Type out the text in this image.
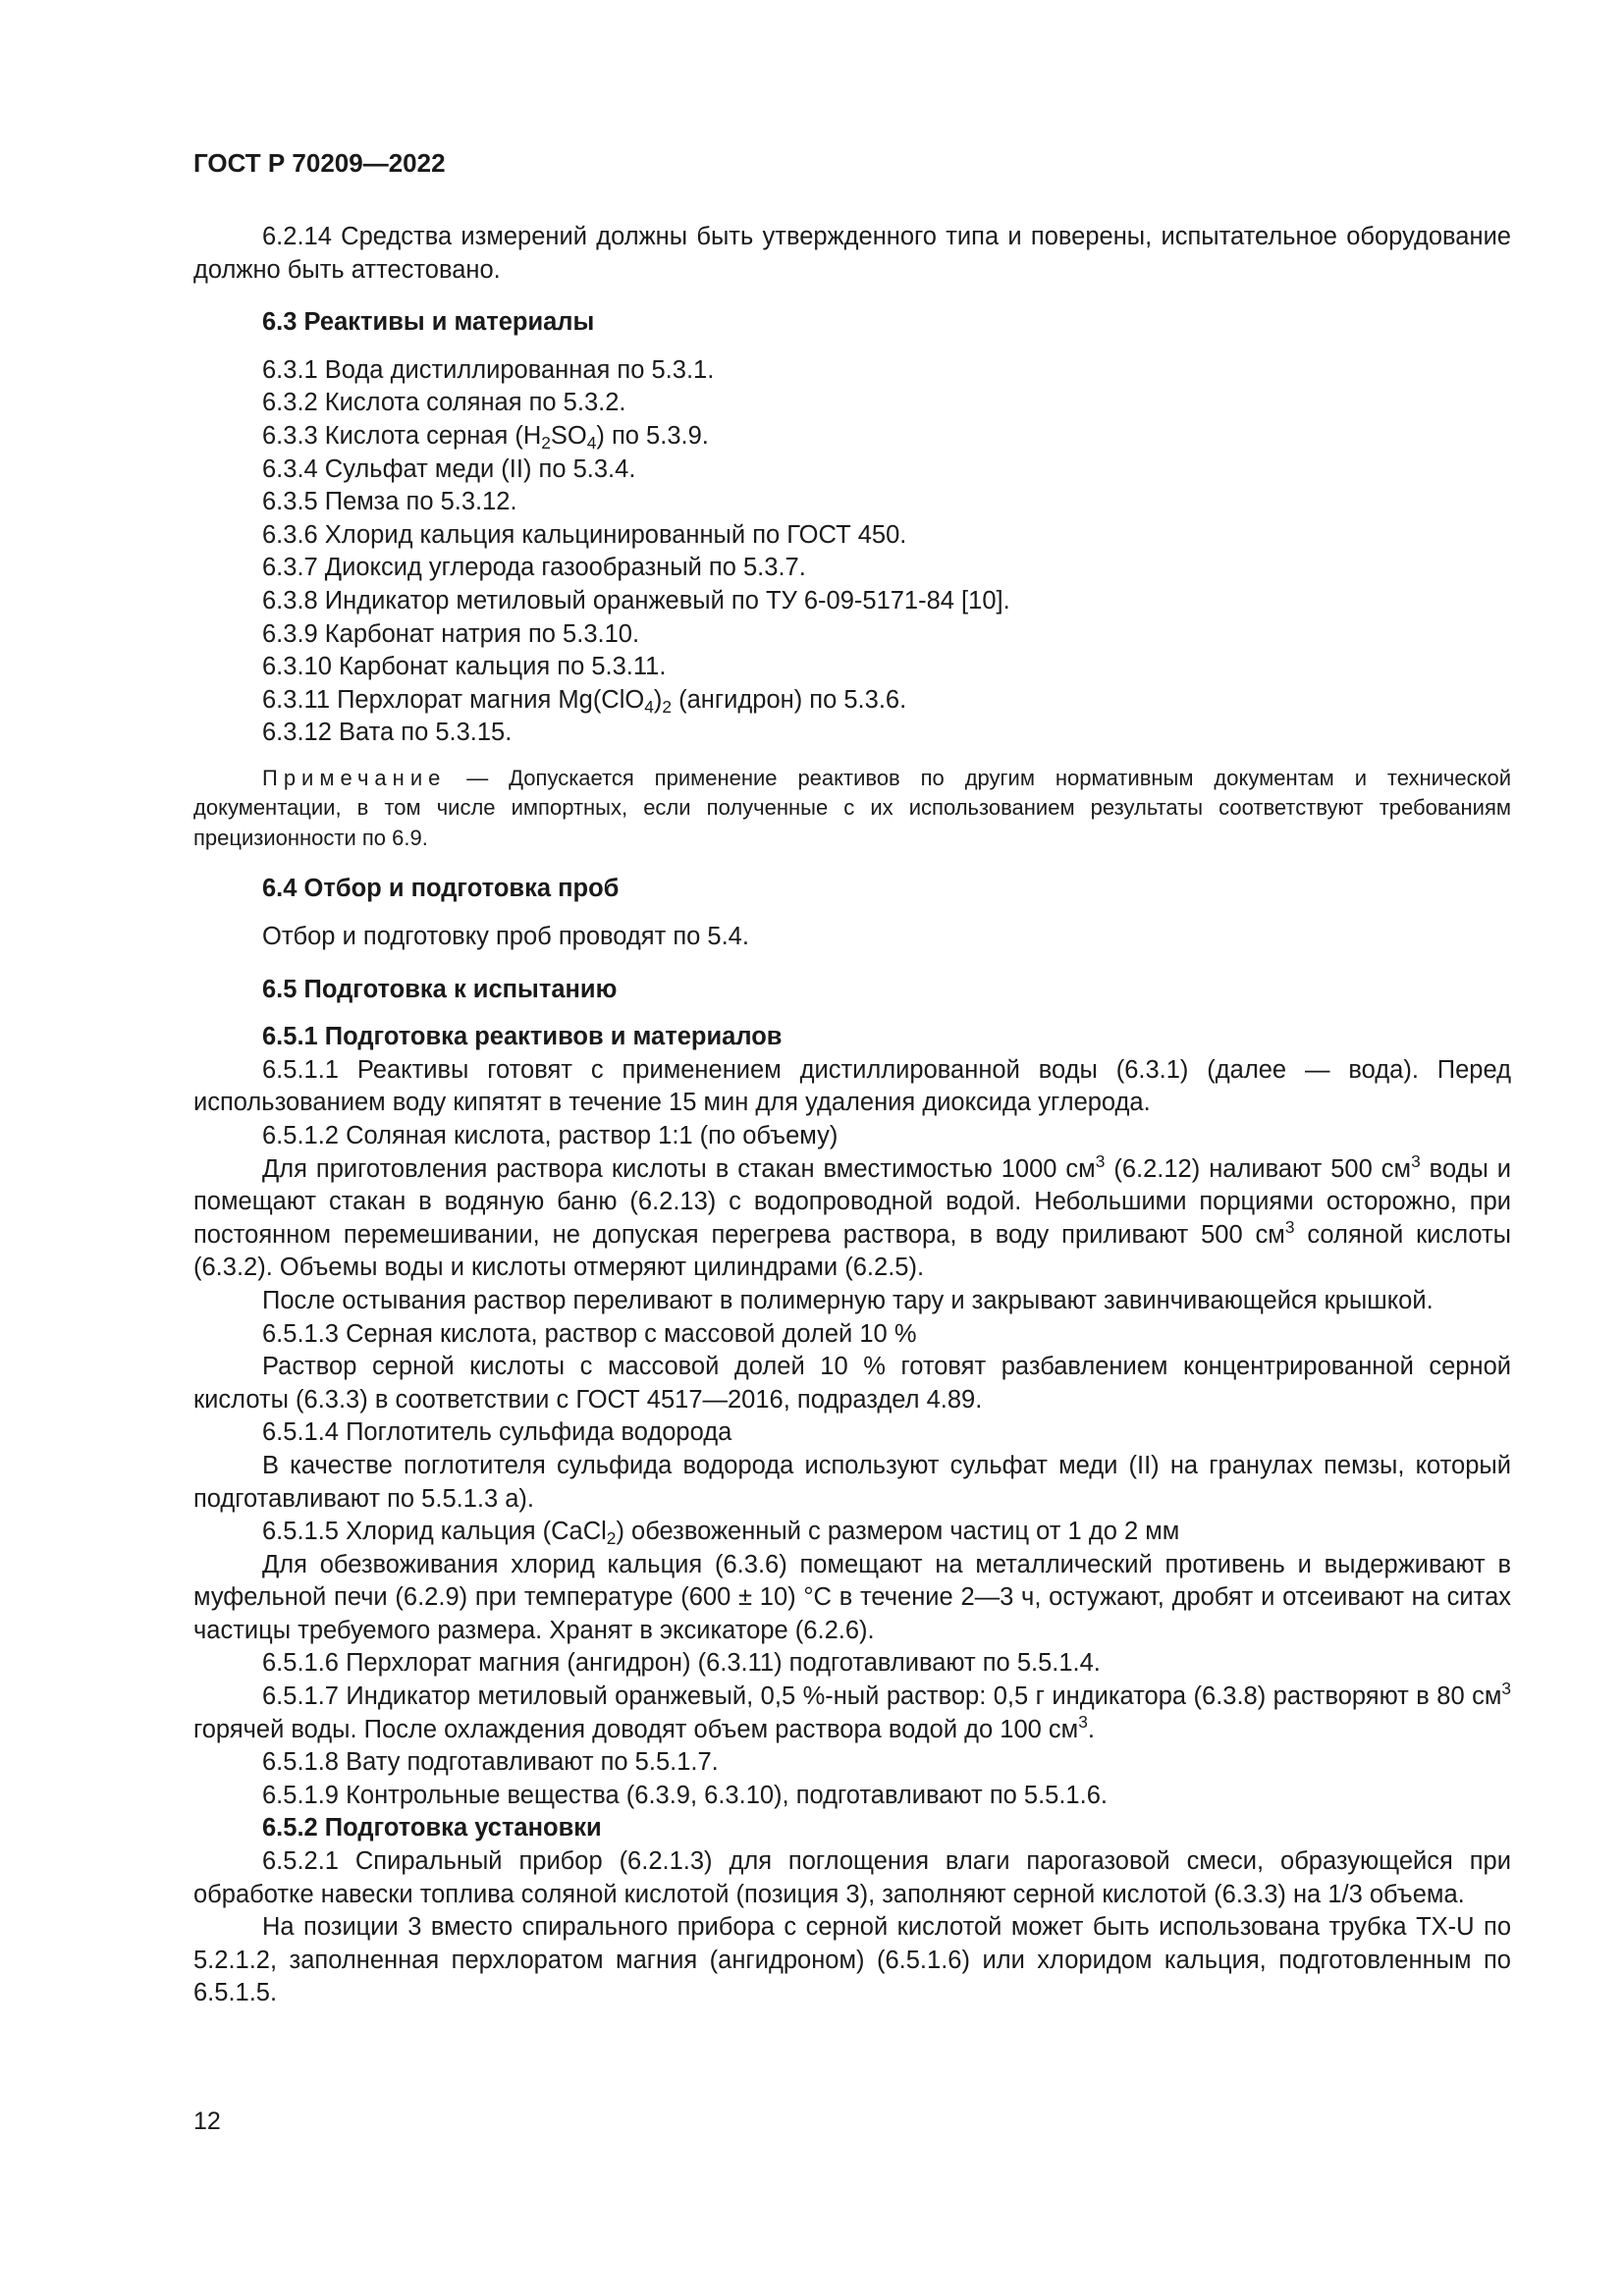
ГОСТ Р 70209—2022

6.2.14 Средства измерений должны быть утвержденного типа и поверены, испытательное оборудование должно быть аттестовано.

6.3 Реактивы и материалы

6.3.1 Вода дистиллированная по 5.3.1.

6.3.2 Кислота соляная по 5.3.2.

6.3.3 Кислота серная $(H_2SO_4)$ по 5.3.9.

6.3.4 Сульфат меди (II) по 5.3.4.

6.3.5 Пемза по 5.3.12.

6.3.6 Хлорид кальция кальцинированный по ГОСТ 450.

6.3.7 Диоксид углерода газообразный по 5.3.7.

6.3.8 Индикатор метиловый оранжевый по ТУ 6-09-5171-84 [10].

6.3.9 Карбонат натрия по 5.3.10.

6.3.10 Карбонат кальция по 5.3.11.

6.3.11 Перхлорат магния $Mg(ClO_4)_2$ (ангидрон) по 5.3.6.

6.3.12 Вата по 5.3.15.

Примечание — Допускается применение реактивов по другим нормативным документам и технической документации, в том числе импортных, если полученные с их использованием результаты соответствуют требованиям прецизионности по 6.9.

6.4 Отбор и подготовка проб

Отбор и подготовку проб проводят по 5.4.

6.5 Подготовка к испытанию

6.5.1 Подготовка реактивов и материалов

6.5.1.1 Реактивы готовят с применением дистиллированной воды (6.3.1) (далее — вода). Перед использованием воду кипятят в течение 15 мин для удаления диоксида углерода.

6.5.1.2 Соляная кислота, раствор 1:1 (по объему)

Для приготовления раствора кислоты в стакан вместимостью 1000 $см^3$ (6.2.12) наливают 500 $см^3$ воды и помещают стакан в водяную баню (6.2.13) с водопроводной водой. Небольшими порциями осторожно, при постоянном перемешивании, не допуская перегрева раствора, в воду приливают 500 $см^3$ соляной кислоты (6.3.2). Объемы воды и кислоты отмеряют цилиндрами (6.2.5).

После остывания раствор переливают в полимерную тару и закрывают завинчивающейся крышкой.

6.5.1.3 Серная кислота, раствор с массовой долей 10 %

Раствор серной кислоты с массовой долей 10 % готовят разбавлением концентрированной серной кислоты (6.3.3) в соответствии с ГОСТ 4517—2016, подраздел 4.89.

6.5.1.4 Поглотитель сульфида водорода

В качестве поглотителя сульфида водорода используют сульфат меди (II) на гранулах пемзы, который подготавливают по 5.5.1.3 а).

6.5.1.5 Хлорид кальция (CaCl$_2$) обезвоженный с размером частиц от 1 до 2 мм

Для обезвоживания хлорид кальция (6.3.6) помещают на металлический противень и выдерживают в муфельной печи (6.2.9) при температуре (600 ± 10) °С в течение 2—3 ч, остужают, дробят и отсеивают на ситах частицы требуемого размера. Хранят в эксикаторе (6.2.6).

6.5.1.6 Перхлорат магния (ангидрон) (6.3.11) подготавливают по 5.5.1.4.

6.5.1.7 Индикатор метиловый оранжевый, 0,5 %-ный раствор: 0,5 г индикатора (6.3.8) растворяют в 80 $см^3$ горячей воды. После охлаждения доводят объем раствора водой до 100 $см^3$.

6.5.1.8 Вату подготавливают по 5.5.1.7.

6.5.1.9 Контрольные вещества (6.3.9, 6.3.10), подготавливают по 5.5.1.6.

6.5.2 Подготовка установки

6.5.2.1 Спиральный прибор (6.2.1.3) для поглощения влаги парогазовой смеси, образующейся при обработке навески топлива соляной кислотой (позиция 3), заполняют серной кислотой (6.3.3) на 1/3 объема.

На позиции 3 вместо спирального прибора с серной кислотой может быть использована трубка ТХ-U по 5.2.1.2, заполненная перхлоратом магния (ангидроном) (6.5.1.6) или хлоридом кальция, подготовленным по 6.5.1.5.

12
